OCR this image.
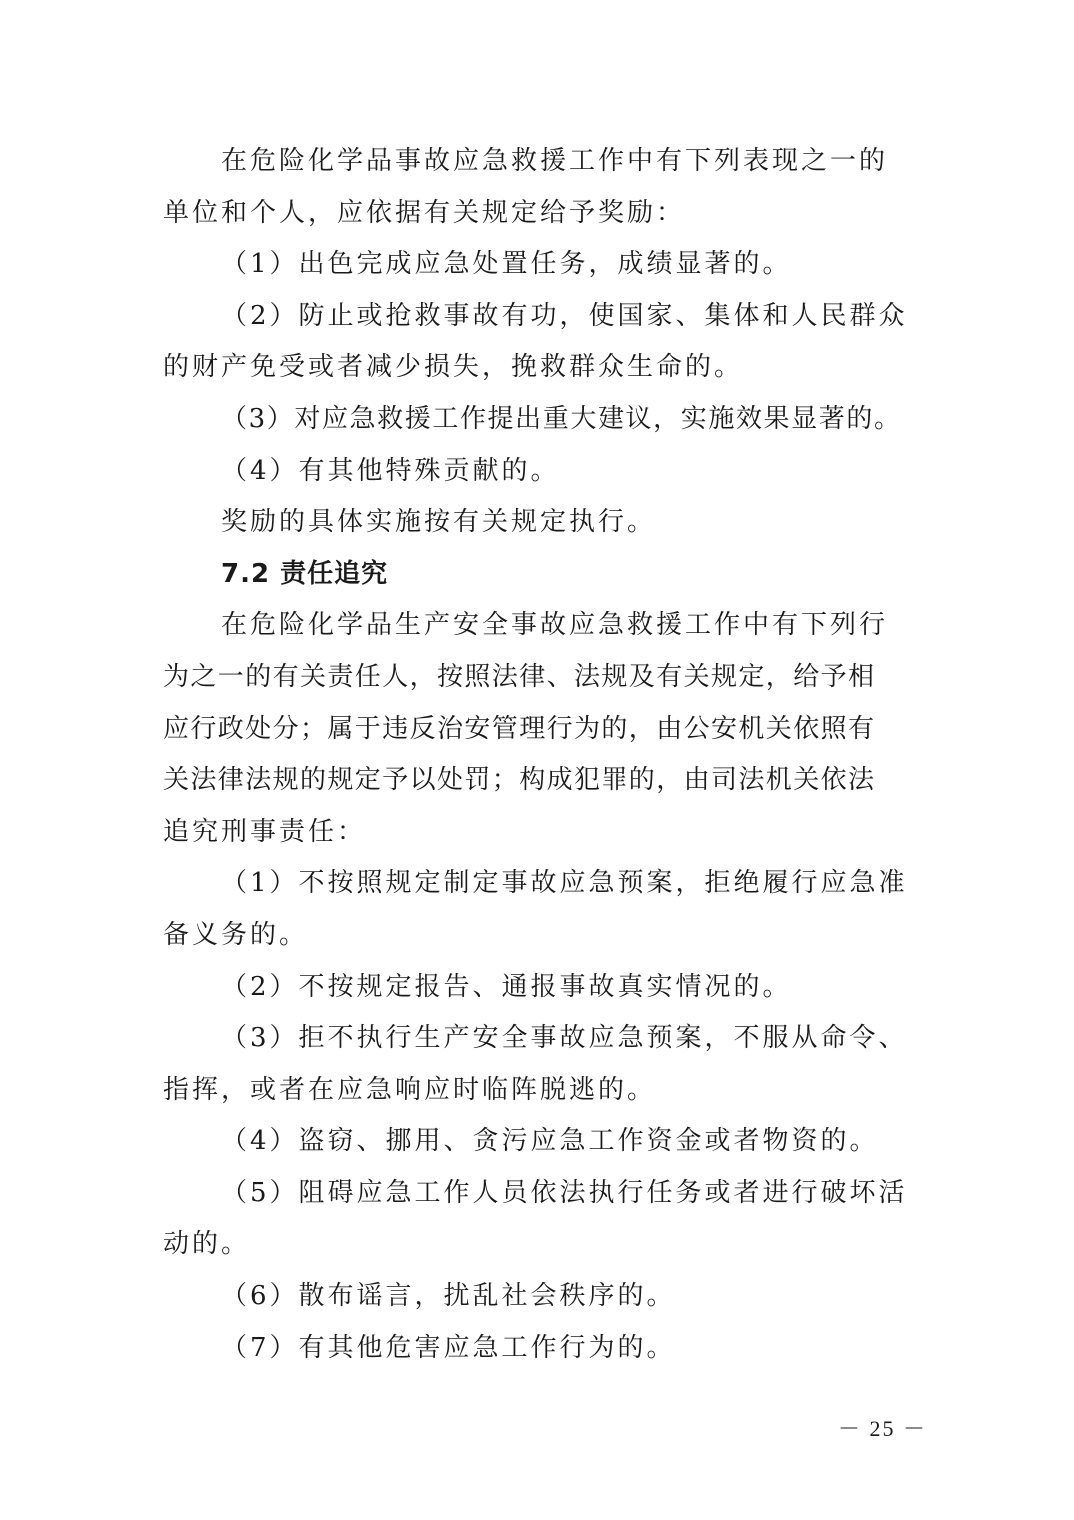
在危险化学品事故应急救援工作中有下列表现之一的
单位和个人，应依据有关规定给予奖励：
（1）出色完成应急处置任务，成绩显著的。
（2）防止或抢救事故有功，使国家、集体和人民群众
的财产免受或者减少损失，挽救群众生命的。
（3）对应急救援工作提出重大建议，实施效果显著的。
（4）有其他特殊贡献的。
奖励的具体实施按有关规定执行。
7.2 责任追究
在危险化学品生产安全事故应急救援工作中有下列行
为之一的有关责任人，按照法律、法规及有关规定，给予相
应行政处分；属于违反治安管理行为的，由公安机关依照有
关法律法规的规定予以处罚；构成犯罪的，由司法机关依法
追究刑事责任：
（1）不按照规定制定事故应急预案，拒绝履行应急准
备义务的。
（2）不按规定报告、通报事故真实情况的。
（3）拒不执行生产安全事故应急预案，不服从命令、
指挥，或者在应急响应时临阵脱逃的。
（4）盗窃、挪用、贪污应急工作资金或者物资的。
（5）阻碍应急工作人员依法执行任务或者进行破坏活
动的。
（6）散布谣言，扰乱社会秩序的。
（7）有其他危害应急工作行为的。
－ 25 －
